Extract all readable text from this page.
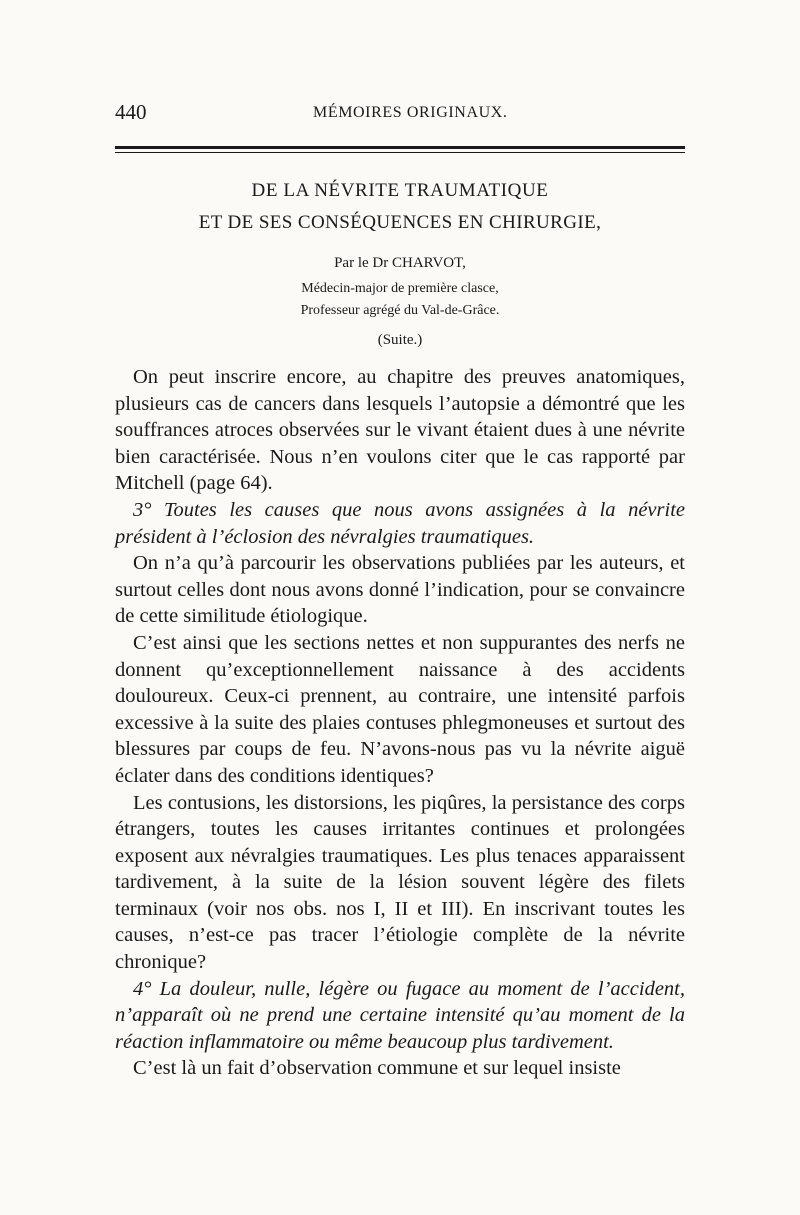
440	MÉMOIRES ORIGINAUX.
DE LA NÉVRITE TRAUMATIQUE
ET DE SES CONSÉQUENCES EN CHIRURGIE,
Par le Dr CHARVOT,
Médecin-major de première clasce,
Professeur agrégé du Val-de-Grâce.
(Suite.)

On peut inscrire encore, au chapitre des preuves anatomiques, plusieurs cas de cancers dans lesquels l’autopsie a démontré que les souffrances atroces observées sur le vivant étaient dues à une névrite bien caractérisée. Nous n’en voulons citer que le cas rapporté par Mitchell (page 64).

3° Toutes les causes que nous avons assignées à la névrite président à l’éclosion des névralgies traumatiques.

On n’a qu’à parcourir les observations publiées par les auteurs, et surtout celles dont nous avons donné l’indication, pour se convaincre de cette similitude étiologique.

C’est ainsi que les sections nettes et non suppurantes des nerfs ne donnent qu’exceptionnellement naissance à des accidents douloureux. Ceux-ci prennent, au contraire, une intensité parfois excessive à la suite des plaies contuses phlegmoneuses et surtout des blessures par coups de feu. N’avons-nous pas vu la névrite aiguë éclater dans des conditions identiques?

Les contusions, les distorsions, les piqûres, la persistance des corps étrangers, toutes les causes irritantes continues et prolongées exposent aux névralgies traumatiques. Les plus tenaces apparaissent tardivement, à la suite de la lésion souvent légère des filets terminaux (voir nos obs. nos I, II et III). En inscrivant toutes les causes, n’est-ce pas tracer l’étiologie complète de la névrite chronique?

4° La douleur, nulle, légère ou fugace au moment de l’accident, n’apparaît où ne prend une certaine intensité qu’au moment de la réaction inflammatoire ou même beaucoup plus tardivement.

C’est là un fait d’observation commune et sur lequel insiste
